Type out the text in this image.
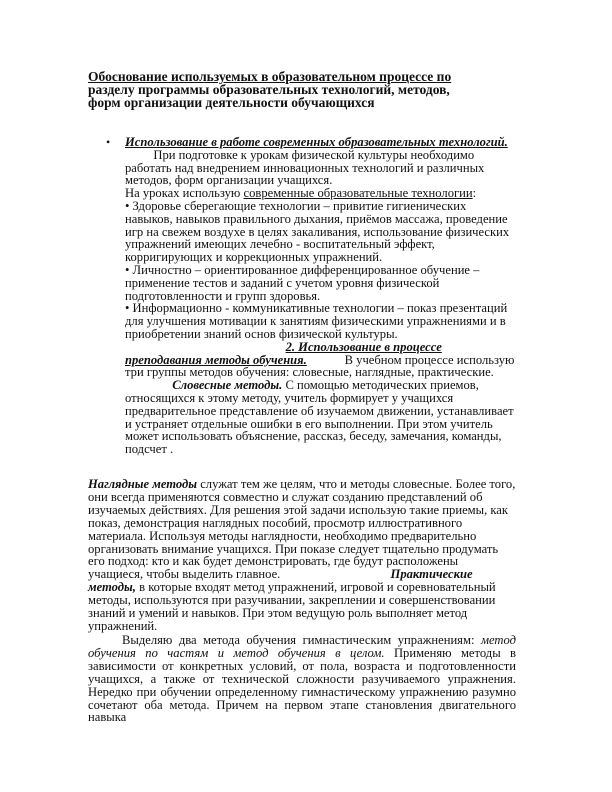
Обоснование используемых в образовательном процессе по

разделу программы образовательных технологий, методов,

форм организации деятельности обучающихся

• Использование в работе современных образовательных технологий.          При подготовке к урокам физической культуры необходимо работать над внедрением инновационных технологий и различных методов, форм организации учащихся.

На уроках использую современные образовательные технологии:

• Здоровье сберегающие технологии – привитие гигиенических навыков, навыков правильного дыхания, приёмов массажа, проведение игр на свежем воздухе в целях закаливания, использование физических упражнений имеющих лечебно - воспитательный эффект, корригирующих и коррекционных упражнений.

• Личностно – ориентированное дифференцированное обучение – применение тестов и заданий с учетом уровня физической подготовленности и групп здоровья.

• Информационно - коммуникативные технологии – показ презентаций для улучшения мотивации к занятиям физическими упражнениями и в приобретении знаний основ физической культуры.

2. Использование в процессе преподавания методы обучения.	В учебном процессе использую три группы методов обучения: словесные, наглядные, практические.                Словесные методы. С помощью методических приемов, относящихся к этому методу, учитель формирует у учащихся предварительное представление об изучаемом движении, устанавливает и устраняет отдельные ошибки в его выполнении. При этом учитель может использовать объяснение, рассказ, беседу, замечания, команды, подсчет .

Наглядные методы служат тем же целям, что и методы словесные. Более того, они всегда применяются совместно и служат созданию представлений об изучаемых действиях. Для решения этой задачи использую такие приемы, как показ, демонстрация наглядных пособий, просмотр иллюстративного материала. Используя методы наглядности, необходимо предварительно организовать внимание учащихся. При показе следует тщательно продумать его подход: кто и как будет демонстрировать, где будут расположены учащиеся, чтобы выделить главное.	Практические методы, в которые входят метод упражнений, игровой и соревновательный методы, используются при разучивании, закреплении и совершенствовании знаний и умений и навыков. При этом ведущую роль выполняет метод упражнений.

Выделяю два метода обучения гимнастическим упражнениям: метод обучения по частям и метод обучения в целом. Применяю методы в зависимости от конкретных условий, от пола, возраста и подготовленности учащихся, а также от технической сложности разучиваемого упражнения. Нередко при обучении определенному гимнастическому упражнению разумно сочетают оба метода. Причем на первом этапе становления двигательного навыка
